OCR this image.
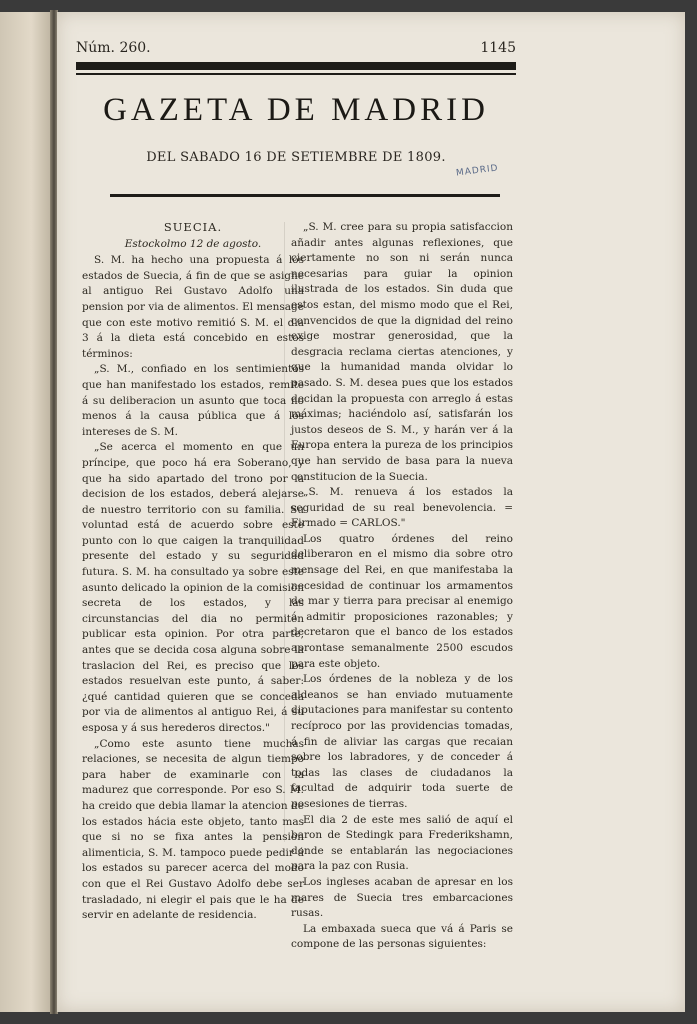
Núm. 260.	1145
GAZETA DE MADRID
DEL SABADO 16 DE SETIEMBRE DE 1809.
MADRID
SUECIA.
Estockolmo 12 de agosto.

S. M. ha hecho una propuesta á los estados de Suecia, á fin de que se asigne al antiguo Rei Gustavo Adolfo una pension por via de alimentos. El mensage que con este motivo remitió S. M. el dia 3 á la dieta está concebido en estos términos:

„S. M., confiado en los sentimientos que han manifestado los estados, remite á su deliberacion un asunto que toca no menos á la causa pública que á los intereses de S. M.

„Se acerca el momento en que un príncipe, que poco há era Soberano, y que ha sido apartado del trono por la decision de los estados, deberá alejarse de nuestro territorio con su familia. Su voluntad está de acuerdo sobre este punto con lo que caigen la tranquilidad presente del estado y su seguridad futura. S. M. ha consultado ya sobre este asunto delicado la opinion de la comision secreta de los estados, y las circunstancias del dia no permiten publicar esta opinion. Por otra parte, antes que se decida cosa alguna sobre la traslacion del Rei, es preciso que los estados resuelvan este punto, á saber: ¿qué cantidad quieren que se conceda por via de alimentos al antiguo Rei, á su esposa y á sus herederos directos."

„Como este asunto tiene muchas relaciones, se necesita de algun tiempo para haber de examinarle con la madurez que corresponde. Por eso S. M. ha creido que debia llamar la atencion de los estados hácia este objeto, tanto mas que si no se fixa antes la pension alimenticia, S. M. tampoco puede pedir á los estados su parecer acerca del modo con que el Rei Gustavo Adolfo debe ser trasladado, ni elegir el pais que le ha de servir en adelante de residencia.

„S. M. cree para su propia satisfaccion añadir antes algunas reflexiones, que ciertamente no son ni serán nunca necesarias para guiar la opinion ilustrada de los estados. Sin duda que estos estan, del mismo modo que el Rei, convencidos de que la dignidad del reino exige mostrar generosidad, que la desgracia reclama ciertas atenciones, y que la humanidad manda olvidar lo pasado. S. M. desea pues que los estados decidan la propuesta con arreglo á estas máximas; haciéndolo así, satisfarán los justos deseos de S. M., y harán ver á la Europa entera la pureza de los principios que han servido de basa para la nueva constitucion de la Suecia.

„S. M. renueva á los estados la seguridad de su real benevolencia. = Firmado = CARLOS."

Los quatro órdenes del reino deliberaron en el mismo dia sobre otro mensage del Rei, en que manifestaba la necesidad de continuar los armamentos de mar y tierra para precisar al enemigo á admitir proposiciones razonables; y decretaron que el banco de los estados aprontase semanalmente 2500 escudos para este objeto.

Los órdenes de la nobleza y de los aldeanos se han enviado mutuamente diputaciones para manifestar su contento recíproco por las providencias tomadas, á fin de aliviar las cargas que recaian sobre los labradores, y de conceder á todas las clases de ciudadanos la facultad de adquirir toda suerte de posesiones de tierras.

El dia 2 de este mes salió de aquí el baron de Stedingk para Frederikshamn, donde se entablarán las negociaciones para la paz con Rusia.

Los ingleses acaban de apresar en los mares de Suecia tres embarcaciones rusas.

La embaxada sueca que vá á Paris se compone de las personas siguientes:
